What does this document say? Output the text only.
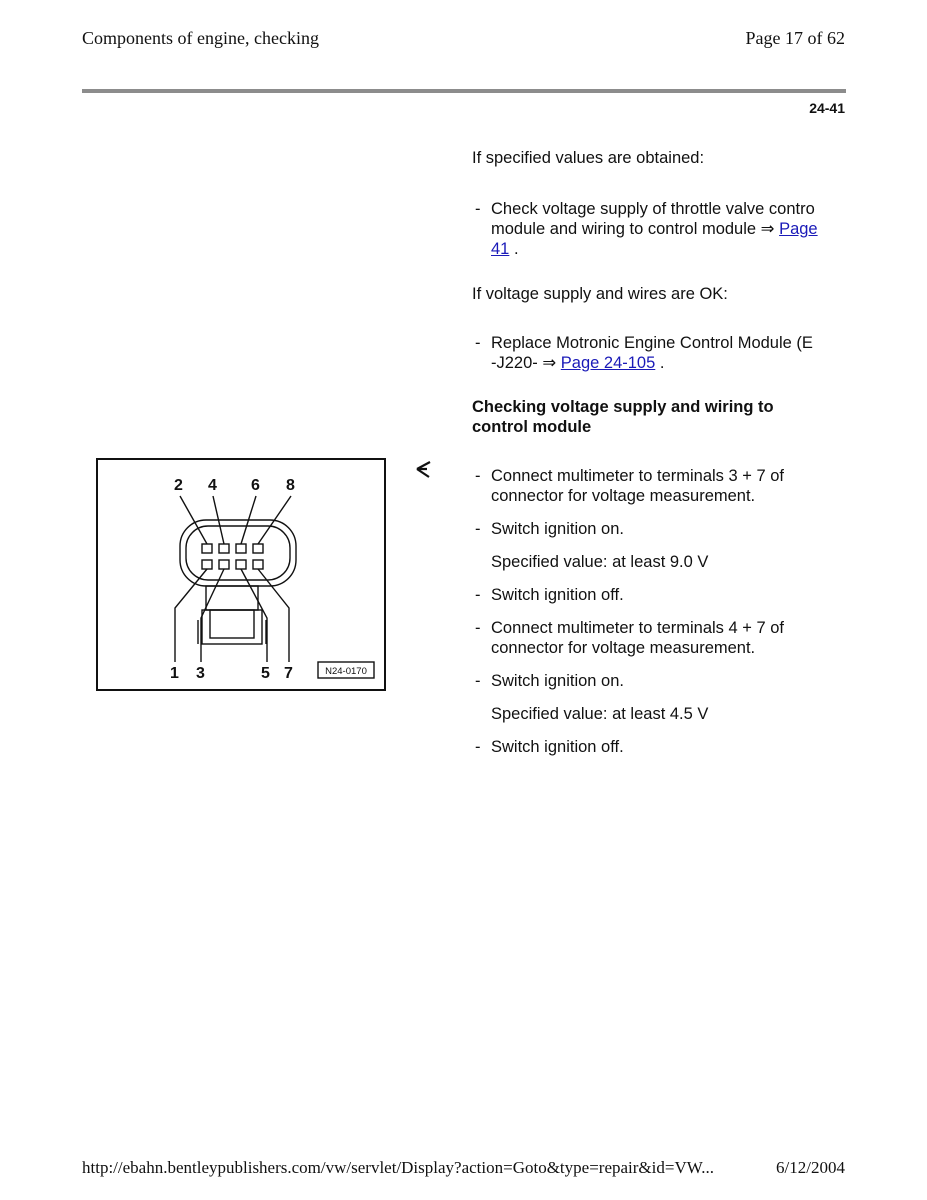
Components of engine, checking	Page 17 of 62
24-41

If specified values are obtained:

- Check voltage supply of throttle valve contro
module and wiring to control module ⇒ Page
41 .

If voltage supply and wires are OK:

- Replace Motronic Engine Control Module (E
-J220- ⇒ Page 24-105 .
Checking voltage supply and wiring to control module
- Connect multimeter to terminals 3 + 7 of
connector for voltage measurement.
- Switch ignition on.
Specified value: at least 9.0 V
- Switch ignition off.
- Connect multimeter to terminals 4 + 7 of
connector for voltage measurement.
- Switch ignition on.
Specified value: at least 4.5 V
- Switch ignition off.
2 4 6 8
1 3	5 7	N24-0170
http://ebahn.bentleypublishers.com/vw/servlet/Display?action=Goto&type=repair&id=VW...	6/12/2004
